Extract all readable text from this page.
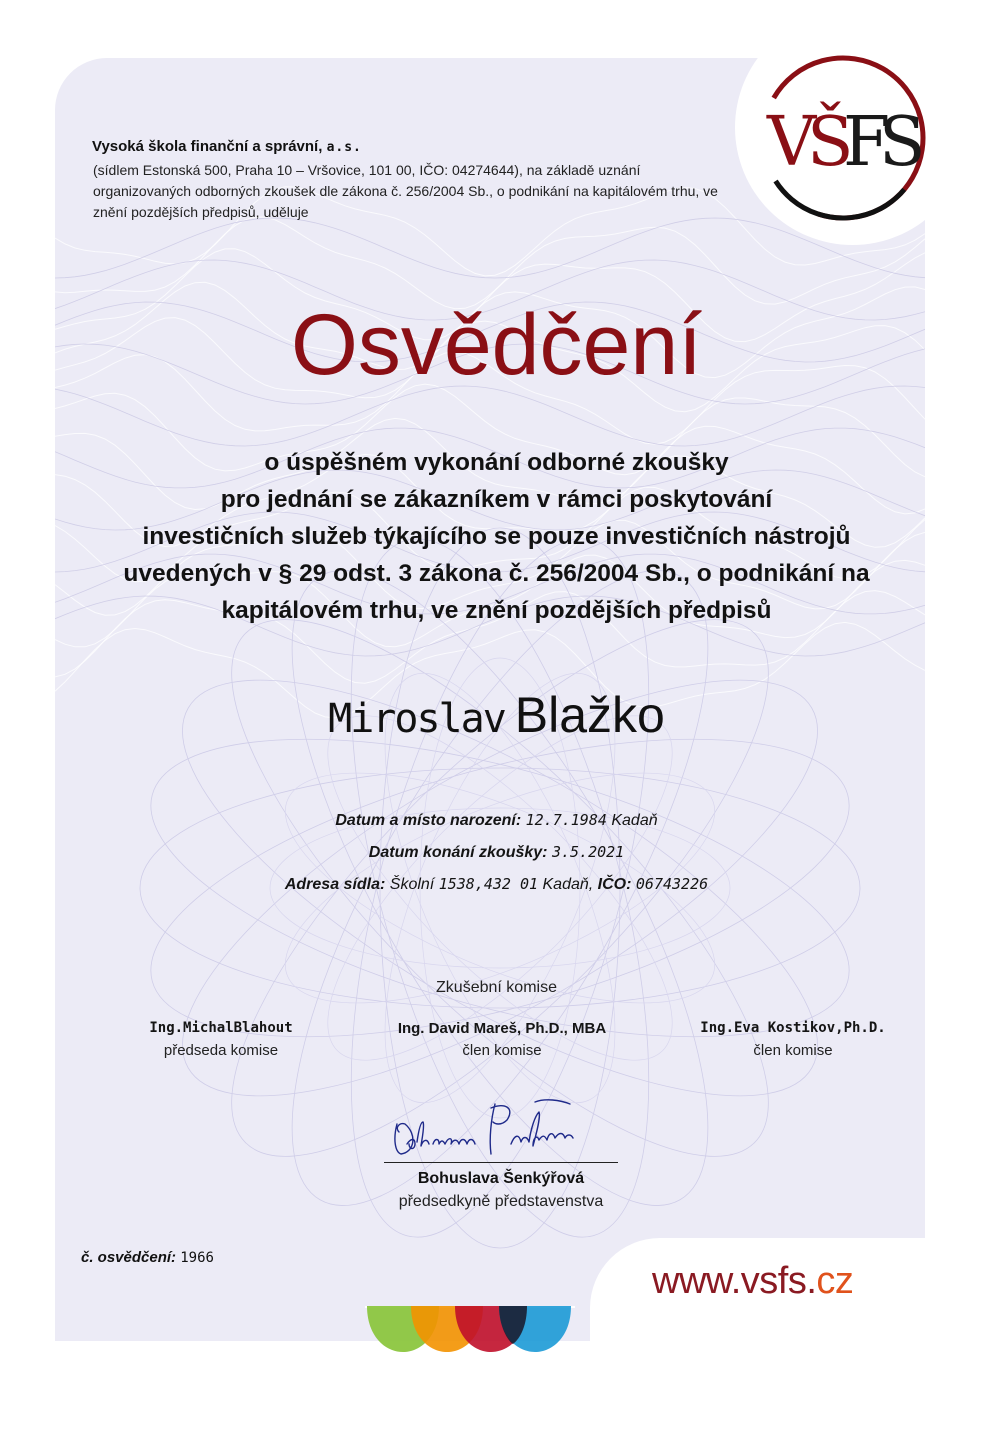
V
Š
F
S
Vysoká škola finanční a správní, a.s.
(sídlem Estonská 500, Praha 10 – Vršovice, 101 00, IČO: 04274644), na základě uznání organizovaných odborných zkoušek dle zákona č. 256/2004 Sb., o podnikání na kapitálovém trhu, ve znění pozdějších předpisů, uděluje
Osvědčení
o úspěšném vykonání odborné zkoušky
pro jednání se zákazníkem v rámci poskytování
investičních služeb týkajícího se pouze investičních nástrojů
uvedených v § 29 odst. 3 zákona č. 256/2004 Sb., o podnikání na
kapitálovém trhu, ve znění pozdějších předpisů
Miroslav Blažko
Datum a místo narození: 12.7.1984 Kadaň
Datum konání zkoušky: 3.5.2021
Adresa sídla: Školní 1538,432 01 Kadaň, IČO: 06743226
Zkušební komise
Ing.MichalBlahout
předseda komise
Ing. David Mareš, Ph.D., MBA
člen komise
Ing.Eva Kostikov,Ph.D.
člen komise
Bohuslava Šenkýřová
předsedkyně představenstva
č. osvědčení: 1966
www.vsfs.cz
